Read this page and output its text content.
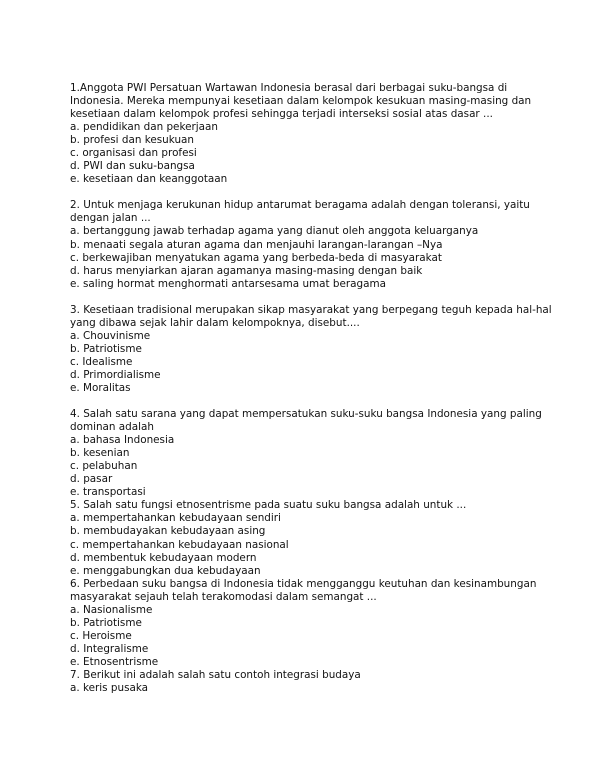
1.Anggota PWI Persatuan Wartawan Indonesia berasal dari berbagai suku-bangsa di
Indonesia. Mereka mempunyai kesetiaan dalam kelompok kesukuan masing-masing dan
kesetiaan dalam kelompok profesi sehingga terjadi interseksi sosial atas dasar ...
a. pendidikan dan pekerjaan
b. profesi dan kesukuan
c. organisasi dan profesi
d. PWI dan suku-bangsa
e. kesetiaan dan keanggotaan
2. Untuk menjaga kerukunan hidup antarumat beragama adalah dengan toleransi, yaitu
dengan jalan ...
a. bertanggung jawab terhadap agama yang dianut oleh anggota keluarganya
b. menaati segala aturan agama dan menjauhi larangan-larangan –Nya
c. berkewajiban menyatukan agama yang berbeda-beda di masyarakat
d. harus menyiarkan ajaran agamanya masing-masing dengan baik
e. saling hormat menghormati antarsesama umat beragama
3. Kesetiaan tradisional merupakan sikap masyarakat yang berpegang teguh kepada hal-hal
yang dibawa sejak lahir dalam kelompoknya, disebut....
a. Chouvinisme
b. Patriotisme
c. Idealisme
d. Primordialisme
e. Moralitas
4. Salah satu sarana yang dapat mempersatukan suku-suku bangsa Indonesia yang paling
dominan adalah
a. bahasa Indonesia
b. kesenian
c. pelabuhan
d. pasar
e. transportasi
5. Salah satu fungsi etnosentrisme pada suatu suku bangsa adalah untuk ...
a. mempertahankan kebudayaan sendiri
b. membudayakan kebudayaan asing
c. mempertahankan kebudayaan nasional
d. membentuk kebudayaan modern
e. menggabungkan dua kebudayaan
6. Perbedaan suku bangsa di Indonesia tidak mengganggu keutuhan dan kesinambungan
masyarakat sejauh telah terakomodasi dalam semangat ...
a. Nasionalisme
b. Patriotisme
c. Heroisme
d. Integralisme
e. Etnosentrisme
7. Berikut ini adalah salah satu contoh integrasi budaya
a. keris pusaka
